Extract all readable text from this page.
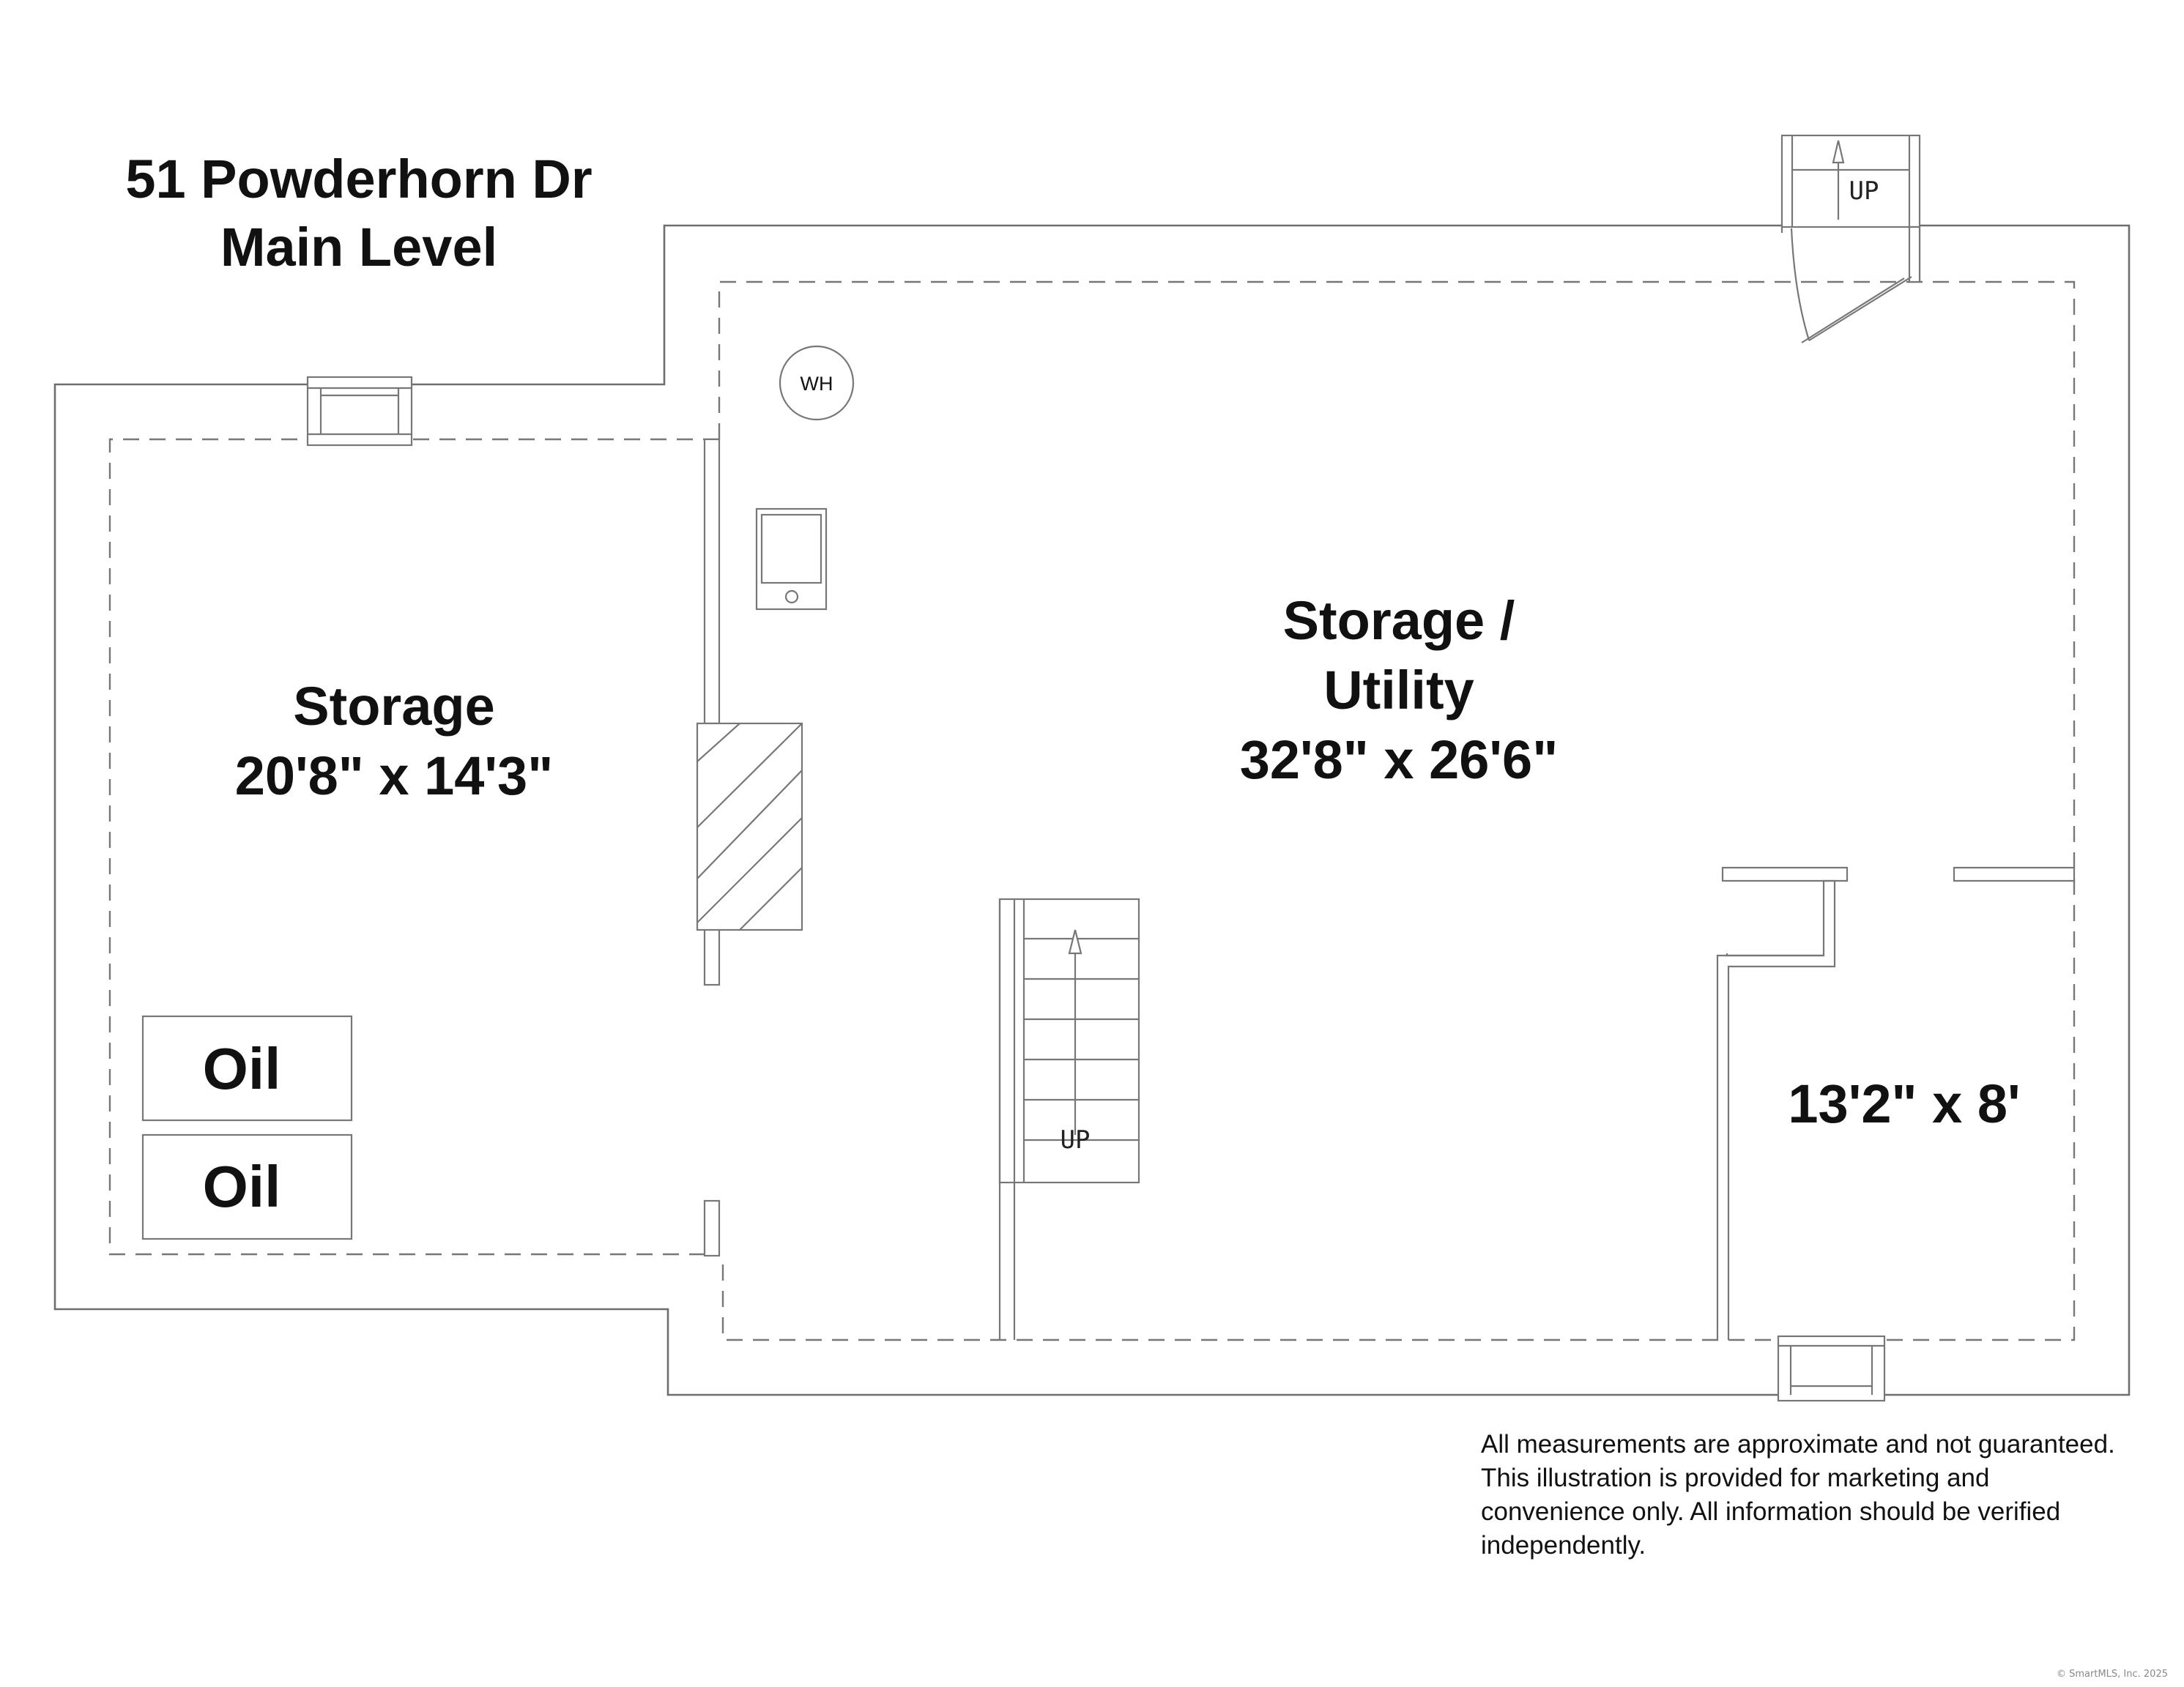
51 Powderhorn Dr
Main Level
WH
Oil
Oil
UP
UP
Storage
20'8" x 14'3"
Storage /
Utility
32'8" x 26'6"
13'2" x 8'
All measurements are approximate and not guaranteed. This illustration is provided for marketing and convenience only. All information should be verified independently.
© SmartMLS, Inc. 2025
